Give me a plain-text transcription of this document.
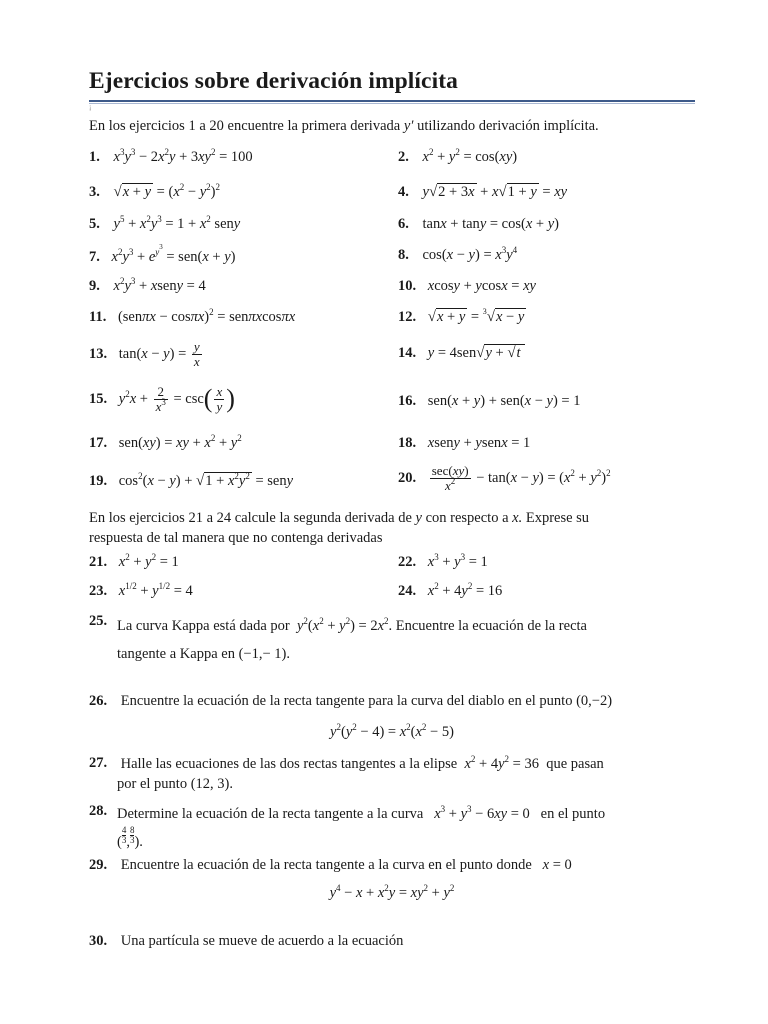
Ejercicios sobre derivación implícita
¡
En los ejercicios 1 a 20 encuentre la primera derivada y′ utilizando derivación implícita.
1. $x^3y^3 - 2x^2y + 3xy^2 = 100$	2. $x^2 + y^2 = \cos(xy)$
3. $√x + y = (x^2 - y^2)^2$	4. y√2 + 3x + x√1 + y = xy
5. $y^5 + x^2y^3 = 1 + x^2$ seny	6. tanx + tany = cos(x + y)
7. $x^2y^3 + e^{y^3} = sen(x + y)$	8. $\cos(x - y) = x^3y^4$
9. $x^2y^3$ + xseny = 4	10. xcosy + ycosx = xy
11. $(sen\pi x - \cos\pi x)^2 = sen\pi xcos\pi x$	12. √x + y = $^3$√x − y
13. $\tan(x - y) = \frac{y}{x}$	14. y = 4sen√y + √t
15. $y^2x + \frac{2}{x^3} = \csc( \frac{x}{y}$ )	16. sen(x + y) + sen(x − y) = 1
17. sen(xy) = xy + $x^2 + y^2$	18. xseny + ysenx = 1
19. $\cos^2(x - y) + √1 + x^2y^2$ = seny	20. $\frac{\sec(xy)}{x^2} - \tan(x - y) = (x^2 + y^2)^2$
En los ejercicios 21 a 24 calcule la segunda derivada de y con respecto a x. Exprese su
respuesta de tal manera que no contenga derivadas
21. $x^2 + y^2 = 1$	22. $x^3 + y^3 = 1$
23. $x^{1/2} + y^{1/2} = 4$	24. $x^2 + 4y^2 = 16$
25. La curva Kappa está dada por $y^2(x^2 + y^2) = 2x^2$. Encuentre la ecuación de la recta
tangente a Kappa en (−1,− 1).
26. Encuentre la ecuación de la recta tangente para la curva del diablo en el punto (0,−2)
$y^2(y^2 - 4) = x^2(x^2 - 5)$
27. Halle las ecuaciones de las dos rectas tangentes a la elipse $x^2 + 4y^2 = 36$  que pasan
por el punto (12, 3).
28. Determine la ecuación de la recta tangente a la curva $x^3 + y^3 - 6xy = 0$   en el punto
( $\frac{4}{3}$ , $\frac{8}{3}$ ).
29. Encuentre la ecuación de la recta tangente a la curva en el punto donde x = 0
$y^4 - x + x^2y = xy^2 + y^2$
30. Una partícula se mueve de acuerdo a la ecuación
